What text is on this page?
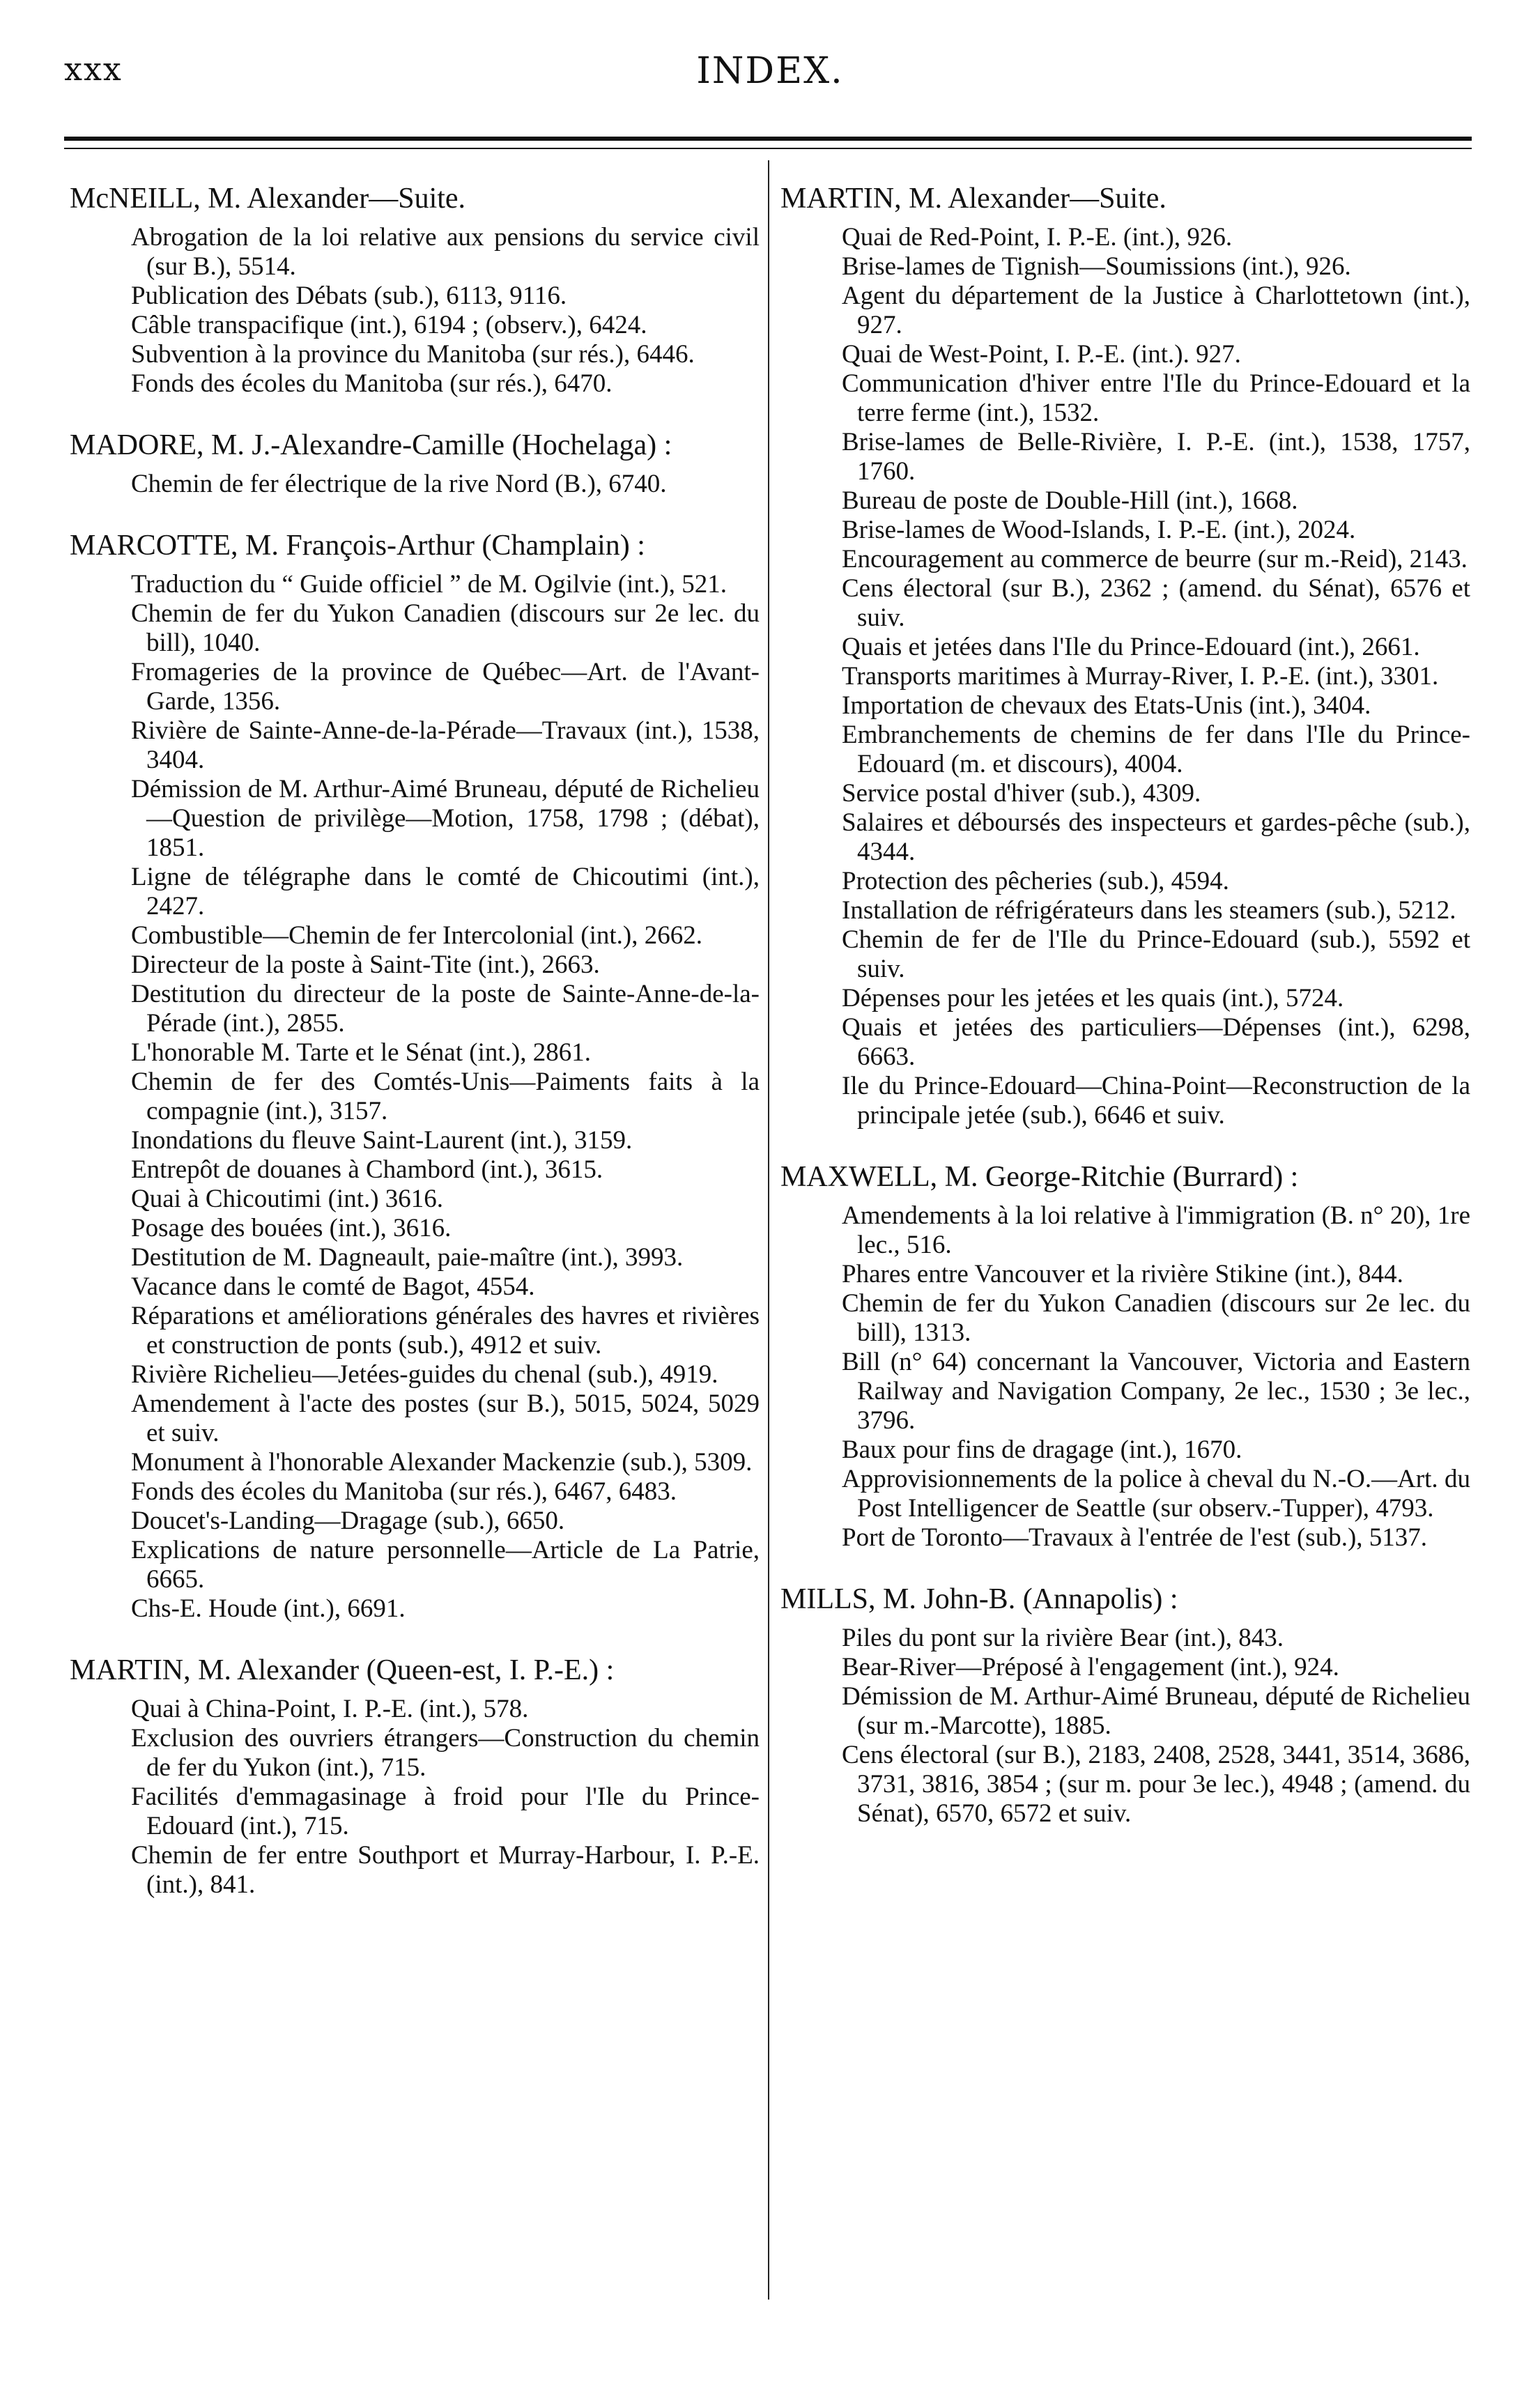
xxx	INDEX.
McNEILL, M. Alexander—Suite.

Abrogation de la loi relative aux pensions du service civil (sur B.), 5514.

Publication des Débats (sub.), 6113, 9116.

Câble transpacifique (int.), 6194 ; (observ.), 6424.

Subvention à la province du Manitoba (sur rés.), 6446.

Fonds des écoles du Manitoba (sur rés.), 6470.

MADORE, M. J.-Alexandre-Camille (Hochelaga) :

Chemin de fer électrique de la rive Nord (B.), 6740.

MARCOTTE, M. François-Arthur (Champlain) :

Traduction du “ Guide officiel ” de M. Ogilvie (int.), 521.

Chemin de fer du Yukon Canadien (discours sur 2e lec. du bill), 1040.

Fromageries de la province de Québec—Art. de l'Avant-Garde, 1356.

Rivière de Sainte-Anne-de-la-Pérade—Travaux (int.), 1538, 3404.

Démission de M. Arthur-Aimé Bruneau, député de Richelieu—Question de privilège—Motion, 1758, 1798 ; (débat), 1851.

Ligne de télégraphe dans le comté de Chicoutimi (int.), 2427.

Combustible—Chemin de fer Intercolonial (int.), 2662.

Directeur de la poste à Saint-Tite (int.), 2663.

Destitution du directeur de la poste de Sainte-Anne-de-la-Pérade (int.), 2855.

L'honorable M. Tarte et le Sénat (int.), 2861.

Chemin de fer des Comtés-Unis—Paiments faits à la compagnie (int.), 3157.

Inondations du fleuve Saint-Laurent (int.), 3159.

Entrepôt de douanes à Chambord (int.), 3615.

Quai à Chicoutimi (int.) 3616.

Posage des bouées (int.), 3616.

Destitution de M. Dagneault, paie-maître (int.), 3993.

Vacance dans le comté de Bagot, 4554.

Réparations et améliorations générales des havres et rivières et construction de ponts (sub.), 4912 et suiv.

Rivière Richelieu—Jetées-guides du chenal (sub.), 4919.

Amendement à l'acte des postes (sur B.), 5015, 5024, 5029 et suiv.

Monument à l'honorable Alexander Mackenzie (sub.), 5309.

Fonds des écoles du Manitoba (sur rés.), 6467, 6483.

Doucet's-Landing—Dragage (sub.), 6650.

Explications de nature personnelle—Article de La Patrie, 6665.

Chs-E. Houde (int.), 6691.

MARTIN, M. Alexander (Queen-est, I. P.-E.) :

Quai à China-Point, I. P.-E. (int.), 578.

Exclusion des ouvriers étrangers—Construction du chemin de fer du Yukon (int.), 715.

Facilités d'emmagasinage à froid pour l'Ile du Prince-Edouard (int.), 715.

Chemin de fer entre Southport et Murray-Harbour, I. P.-E. (int.), 841.

MARTIN, M. Alexander—Suite.

Quai de Red-Point, I. P.-E. (int.), 926.

Brise-lames de Tignish—Soumissions (int.), 926.

Agent du département de la Justice à Charlottetown (int.), 927.

Quai de West-Point, I. P.-E. (int.). 927.

Communication d'hiver entre l'Ile du Prince-Edouard et la terre ferme (int.), 1532.

Brise-lames de Belle-Rivière, I. P.-E. (int.), 1538, 1757, 1760.

Bureau de poste de Double-Hill (int.), 1668.

Brise-lames de Wood-Islands, I. P.-E. (int.), 2024.

Encouragement au commerce de beurre (sur m.-Reid), 2143.

Cens électoral (sur B.), 2362 ; (amend. du Sénat), 6576 et suiv.

Quais et jetées dans l'Ile du Prince-Edouard (int.), 2661.

Transports maritimes à Murray-River, I. P.-E. (int.), 3301.

Importation de chevaux des Etats-Unis (int.), 3404.

Embranchements de chemins de fer dans l'Ile du Prince-Edouard (m. et discours), 4004.

Service postal d'hiver (sub.), 4309.

Salaires et déboursés des inspecteurs et gardes-pêche (sub.), 4344.

Protection des pêcheries (sub.), 4594.

Installation de réfrigérateurs dans les steamers (sub.), 5212.

Chemin de fer de l'Ile du Prince-Edouard (sub.), 5592 et suiv.

Dépenses pour les jetées et les quais (int.), 5724.

Quais et jetées des particuliers—Dépenses (int.), 6298, 6663.

Ile du Prince-Edouard—China-Point—Reconstruction de la principale jetée (sub.), 6646 et suiv.

MAXWELL, M. George-Ritchie (Burrard) :

Amendements à la loi relative à l'immigration (B. n° 20), 1re lec., 516.

Phares entre Vancouver et la rivière Stikine (int.), 844.

Chemin de fer du Yukon Canadien (discours sur 2e lec. du bill), 1313.

Bill (n° 64) concernant la Vancouver, Victoria and Eastern Railway and Navigation Company, 2e lec., 1530 ; 3e lec., 3796.

Baux pour fins de dragage (int.), 1670.

Approvisionnements de la police à cheval du N.-O.—Art. du Post Intelligencer de Seattle (sur observ.-Tupper), 4793.

Port de Toronto—Travaux à l'entrée de l'est (sub.), 5137.

MILLS, M. John-B. (Annapolis) :

Piles du pont sur la rivière Bear (int.), 843.

Bear-River—Préposé à l'engagement (int.), 924.

Démission de M. Arthur-Aimé Bruneau, député de Richelieu (sur m.-Marcotte), 1885.

Cens électoral (sur B.), 2183, 2408, 2528, 3441, 3514, 3686, 3731, 3816, 3854 ; (sur m. pour 3e lec.), 4948 ; (amend. du Sénat), 6570, 6572 et suiv.
